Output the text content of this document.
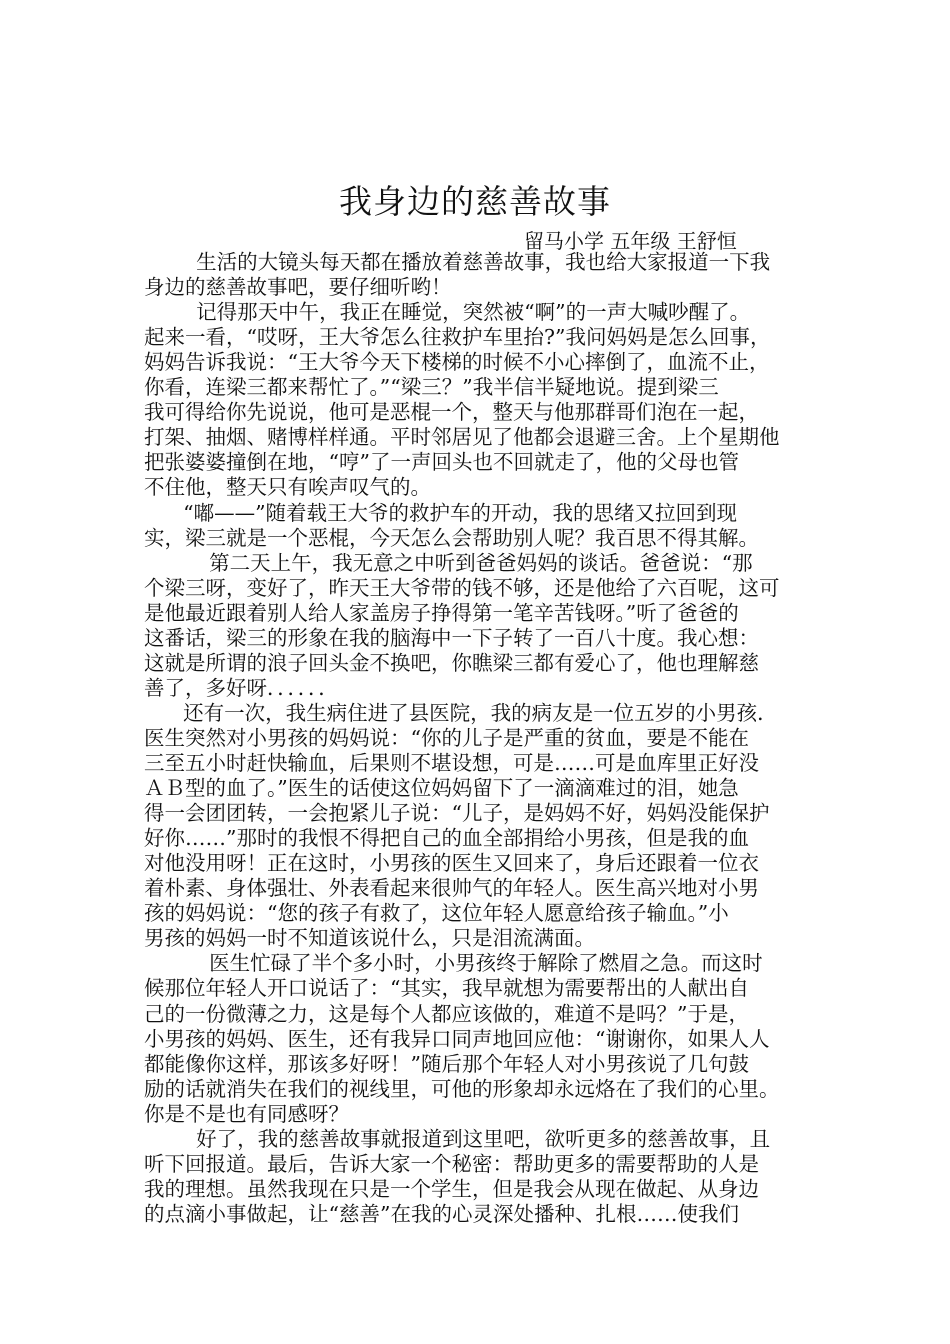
我身边的慈善故事
留马小学 五年级 王舒恒
生活的大镜头每天都在播放着慈善故事，我也给大家报道一下我
身边的慈善故事吧，要仔细听哟！
记得那天中午，我正在睡觉，突然被“啊”的一声大喊吵醒了。
起来一看，“哎呀，王大爷怎么往救护车里抬?”我问妈妈是怎么回事，
妈妈告诉我说：“王大爷今天下楼梯的时候不小心摔倒了，血流不止，
你看，连梁三都来帮忙了。”“梁三？”我半信半疑地说。提到梁三
我可得给你先说说，他可是恶棍一个，整天与他那群哥们泡在一起，
打架、抽烟、赌博样样通。平时邻居见了他都会退避三舍。上个星期他
把张婆婆撞倒在地，“哼”了一声回头也不回就走了，他的父母也管
不住他，整天只有唉声叹气的。
“嘟——”随着载王大爷的救护车的开动，我的思绪又拉回到现
实，梁三就是一个恶棍，今天怎么会帮助别人呢？我百思不得其解。
第二天上午，我无意之中听到爸爸妈妈的谈话。爸爸说：“那
个梁三呀，变好了，昨天王大爷带的钱不够，还是他给了六百呢，这可
是他最近跟着别人给人家盖房子挣得第一笔辛苦钱呀。”听了爸爸的
这番话，梁三的形象在我的脑海中一下子转了一百八十度。我心想：
这就是所谓的浪子回头金不换吧，你瞧梁三都有爱心了，他也理解慈
善了，多好呀．．．．．．
还有一次，我生病住进了县医院，我的病友是一位五岁的小男孩．
医生突然对小男孩的妈妈说：“你的儿子是严重的贫血，要是不能在
三至五小时赶快输血，后果则不堪设想，可是……可是血库里正好没
ＡＢ型的血了。”医生的话使这位妈妈留下了一滴滴难过的泪，她急
得一会团团转，一会抱紧儿子说：“儿子，是妈妈不好，妈妈没能保护
好你……”那时的我恨不得把自己的血全部捐给小男孩，但是我的血
对他没用呀！正在这时，小男孩的医生又回来了，身后还跟着一位衣
着朴素、身体强壮、外表看起来很帅气的年轻人。医生高兴地对小男
孩的妈妈说：“您的孩子有救了，这位年轻人愿意给孩子输血。”小
男孩的妈妈一时不知道该说什么，只是泪流满面。
医生忙碌了半个多小时，小男孩终于解除了燃眉之急。而这时
候那位年轻人开口说话了：“其实，我早就想为需要帮出的人献出自
己的一份微薄之力，这是每个人都应该做的，难道不是吗？”于是，
小男孩的妈妈、医生，还有我异口同声地回应他：“谢谢你，如果人人
都能像你这样，那该多好呀！”随后那个年轻人对小男孩说了几句鼓
励的话就消失在我们的视线里，可他的形象却永远烙在了我们的心里。
你是不是也有同感呀？
好了，我的慈善故事就报道到这里吧，欲听更多的慈善故事，且
听下回报道。最后，告诉大家一个秘密：帮助更多的需要帮助的人是
我的理想。虽然我现在只是一个学生，但是我会从现在做起、从身边
的点滴小事做起，让“慈善”在我的心灵深处播种、扎根……使我们
